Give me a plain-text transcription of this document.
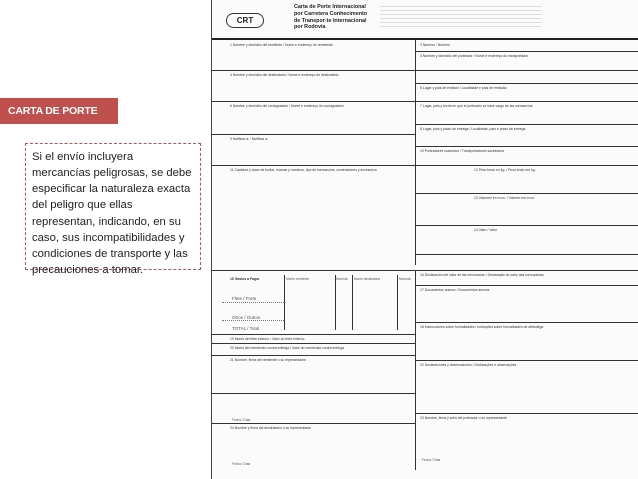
CARTA DE PORTE
Si el envío incluyera mercancías peligrosas, se debe especificar la naturaleza exacta del peligro que ellas representan, indicando, en su caso, sus incompatibilidades y condiciones de transporte y las precauciones a tomar.
CRT
Carta de Porte Internacional por Carretera Conhecimento de Transpor-te Internacional por Rodovia
______________________________________________________________________________________________
______________________________________________________________________________________________
______________________________________________________________________________________________
______________________________________________________________________________________________
______________________________________________________________________________________________
______________________________________________________________________________________________
1 Nombre y domicilio del remitente / Nome e endereço do remetente	2 Número / Número
3 Nombre y domicilio del porteador / Nome e endereço do transportador
4 Nombre y domicilio del destinatario / Nome e endereço do destinatário
5 Lugar y país de emisión / Localidade e país de emissão
6 Nombre y domicilio del consignatario / Nome e endereço do consignatário	7 Lugar, país y fecha en que el porteador se hace cargo de las mercancías
8 Lugar, país y plazo de entrega / Localidade, país e prazo de entrega
9 Notificar a: / Notificar a:
10 Porteadores sucesivos / Transportadores sucessivos
11 Cantidad y clase de bultos, marcas y números, tipo de mercancías, contenedores y accesorios	12 Peso bruto en kg. / Peso bruto em kg.
13 Volumen en m.cu. / Volume em m.cu.
14 Valor / Valor
15 Gastos a Pagar
16 Declaración del valor de las mercancías / Declaração do valor das mercadorias
17 Documentos anexos / Documentos anexos
18 Instrucciones sobre formalidades / Instruções sobre formalidades de alfândega
19 Monto del flete externo / Valor do frete externo
20 Monto del reembolso contra entrega / Valor do reembolso contra entrega
21 Nombre, firma del remitente o su representante
22 Declaraciones y observaciones / Declarações e observações
23 Nombre, firma y sello del porteador o su representante
24 Nombre y firma del destinatario o su representante
Monto remitente	Moneda Monto destinatario	Moneda
Flete / Frete
Otros / Outros
TOTAL / Total
Fecha / Data
Fecha / Data
Fecha / Data
